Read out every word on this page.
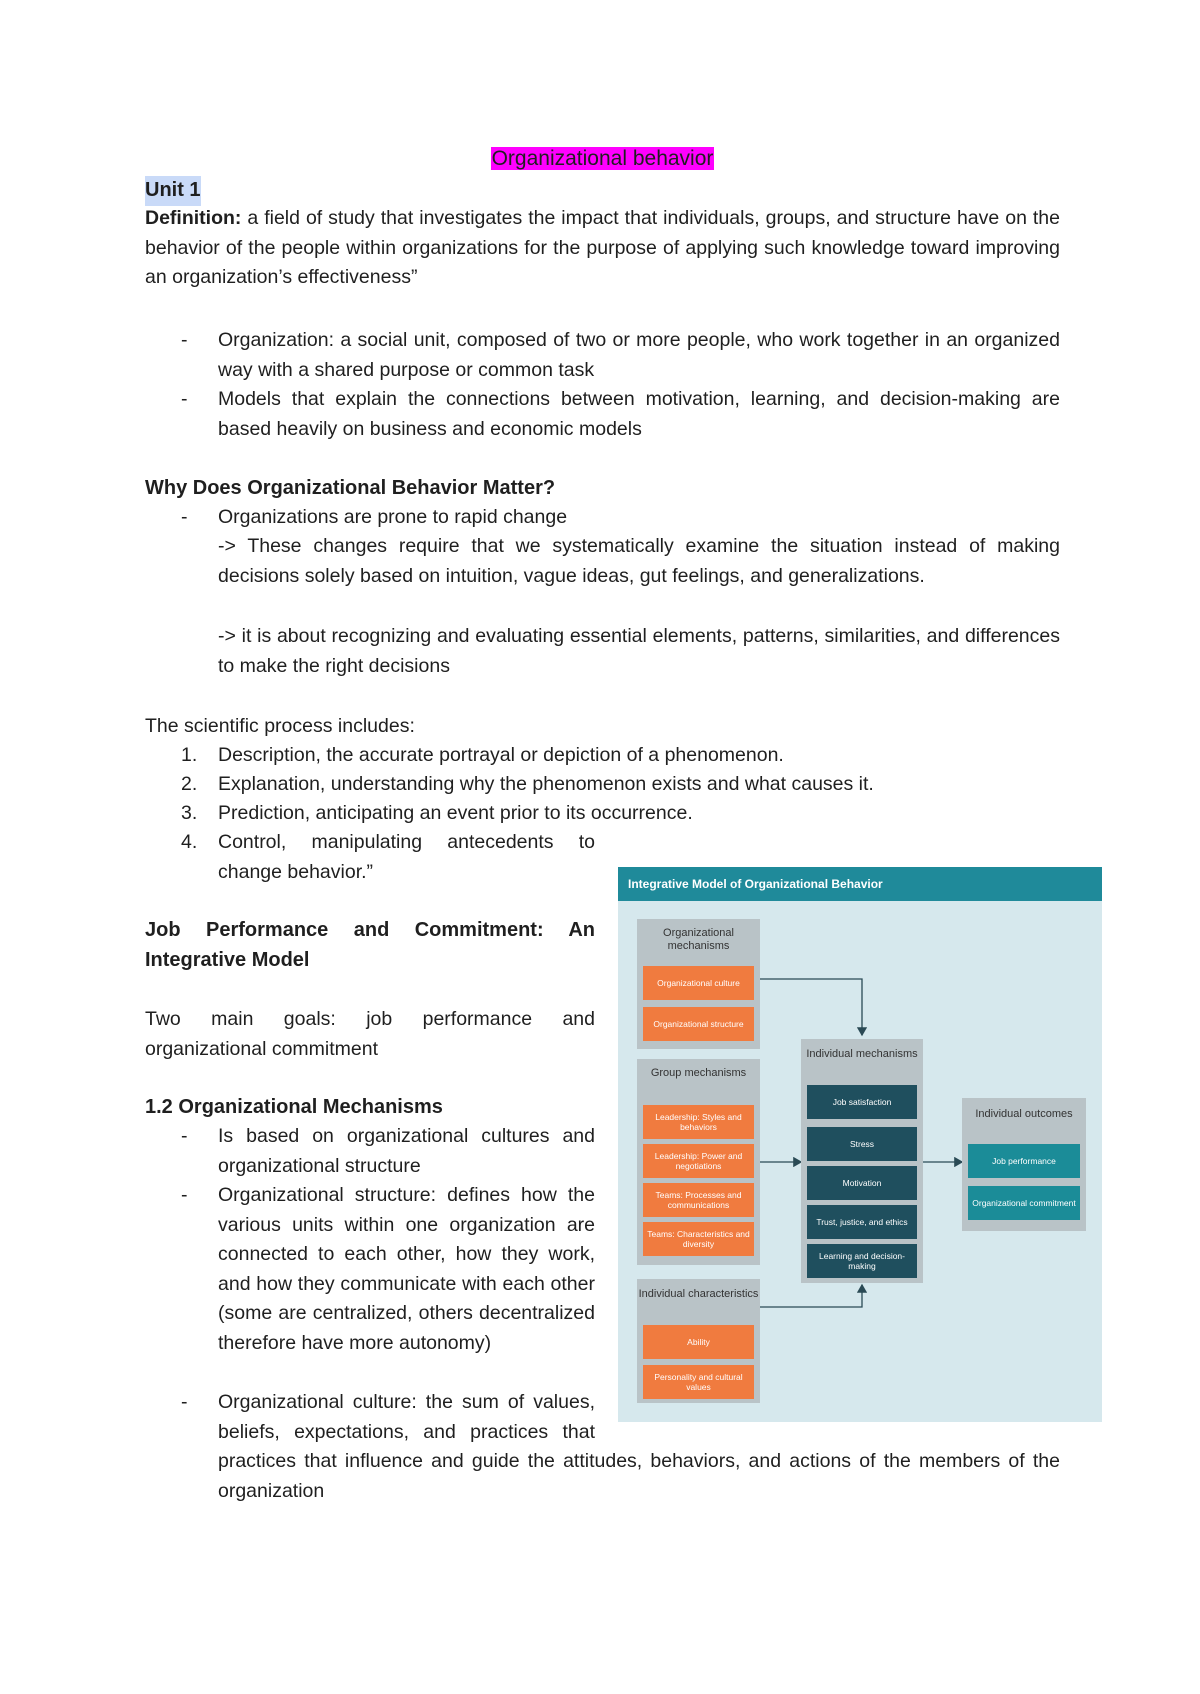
Organizational behavior
Unit 1
Definition: a field of study that investigates the impact that individuals, groups, and structure have on the behavior of the people within organizations for the purpose of applying such knowledge toward improving an organization’s effectiveness”
- Organization: a social unit, composed of two or more people, who work together in an organized way with a shared purpose or common task
- Models that explain the connections between motivation, learning, and decision-making are based heavily on business and economic models
Why Does Organizational Behavior Matter?
- Organizations are prone to rapid change
-> These changes require that we systematically examine the situation instead of making decisions solely based on intuition, vague ideas, gut feelings, and generalizations.
-> it is about recognizing and evaluating essential elements, patterns, similarities, and differences to make the right decisions
The scientific process includes:
1. Description, the accurate portrayal or depiction of a phenomenon.
2. Explanation, understanding why the phenomenon exists and what causes it.
3. Prediction, anticipating an event prior to its occurrence.
4. Control, manipulating antecedents to change behavior.”
Job Performance and Commitment: An Integrative Model
Two main goals: job performance and organizational commitment
1.2 Organizational Mechanisms
- Is based on organizational cultures and organizational structure
- Organizational structure: defines how the various units within one organization are connected to each other, how they work, and how they communicate with each other (some are centralized, others decentralized therefore have more autonomy)
- Organizational culture: the sum of values, beliefs, expectations, and practices that
practices that influence and guide the attitudes, behaviors, and actions of the members of the organization
Integrative Model of Organizational Behavior
Organizational mechanisms
Organizational culture
Organizational structure
Group mechanisms
Leadership: Styles and behaviors
Leadership: Power and negotiations
Teams: Processes and communications
Teams: Characteristics and diversity
Individual characteristics
Ability
Personality and cultural values
Individual mechanisms
Job satisfaction
Stress
Motivation
Trust, justice, and ethics
Learning and decision-making
Individual outcomes
Job performance
Organizational commitment
